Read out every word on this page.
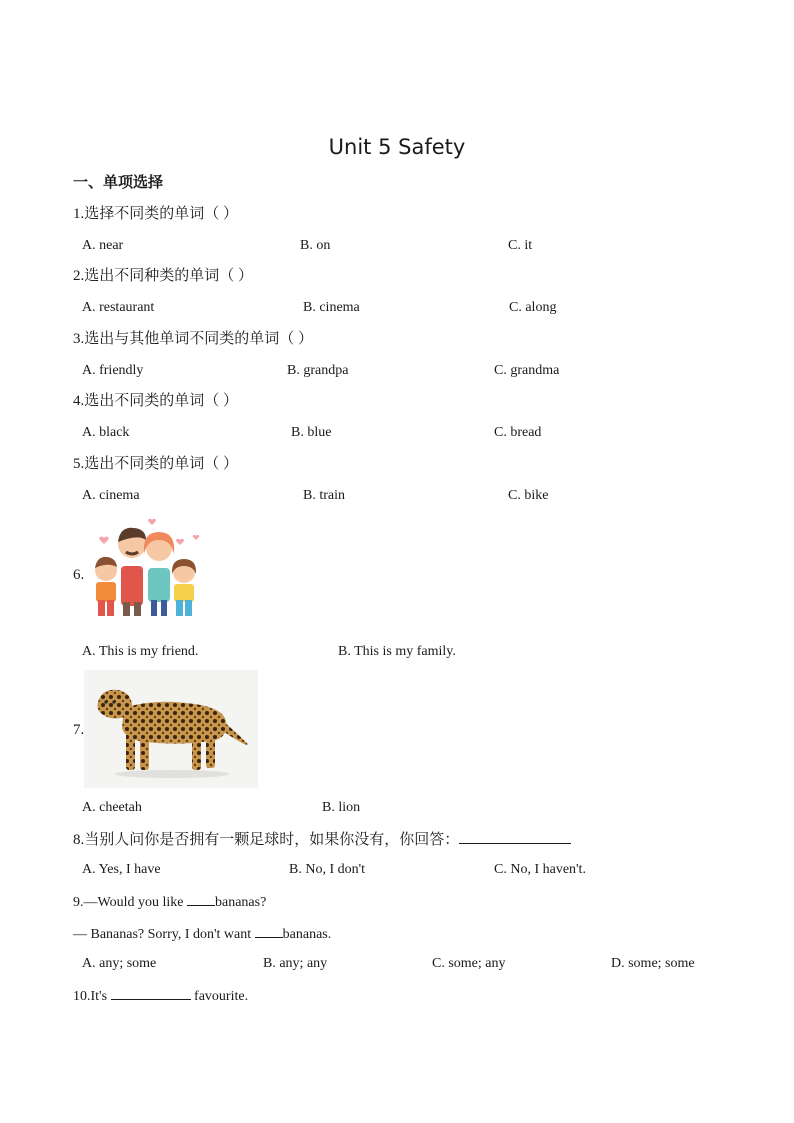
Unit 5 Safety
一、单项选择
1.选择不同类的单词（ ）
A. near	B. on	C. it
2.选出不同种类的单词（ ）
A. restaurant	B. cinema	C. along
3.选出与其他单词不同类的单词（ ）
A. friendly	B. grandpa	C. grandma
4.选出不同类的单词（ ）
A. black	B. blue	C. bread
5.选出不同类的单词（ ）
A. cinema	B. train	C. bike
6.
A. This is my friend.	B. This is my family.
7.
A. cheetah	B. lion
8.当别人问你是否拥有一颗足球时，如果你没有，你回答：
A. Yes, I have	B. No, I don't	C. No, I haven't.
9.—Would you like bananas?
— Bananas? Sorry, I don't want bananas.
A. any; some	B. any; any	C. some; any	D. some; some
10.It's	favourite.
